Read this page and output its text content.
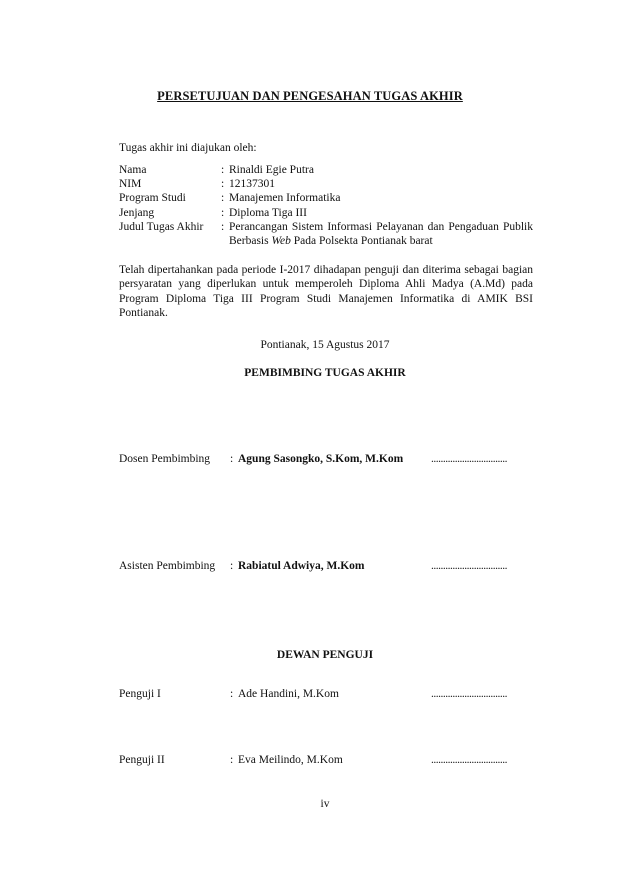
PERSETUJUAN DAN PENGESAHAN TUGAS AKHIR
Tugas akhir ini diajukan oleh:
Nama	: Rinaldi Egie Putra
NIM	: 12137301
Program Studi	: Manajemen Informatika
Jenjang	: Diploma Tiga III
Judul Tugas Akhir	: Perancangan Sistem Informasi Pelayanan dan Pengaduan Publik Berbasis Web Pada Polsekta Pontianak barat
Telah dipertahankan pada periode I-2017 dihadapan penguji dan diterima sebagai bagian persyaratan yang diperlukan untuk memperoleh Diploma Ahli Madya (A.Md) pada Program Diploma Tiga III Program Studi Manajemen Informatika di AMIK BSI Pontianak.
Pontianak, 15 Agustus 2017
PEMBIMBING TUGAS AKHIR
Dosen Pembimbing : Agung Sasongko, S.Kom, M.Kom ................................
Asisten Pembimbing : Rabiatul Adwiya, M.Kom	................................
DEWAN PENGUJI
Penguji I	: Ade Handini, M.Kom	................................
Penguji II	: Eva Meilindo, M.Kom	................................
iv
